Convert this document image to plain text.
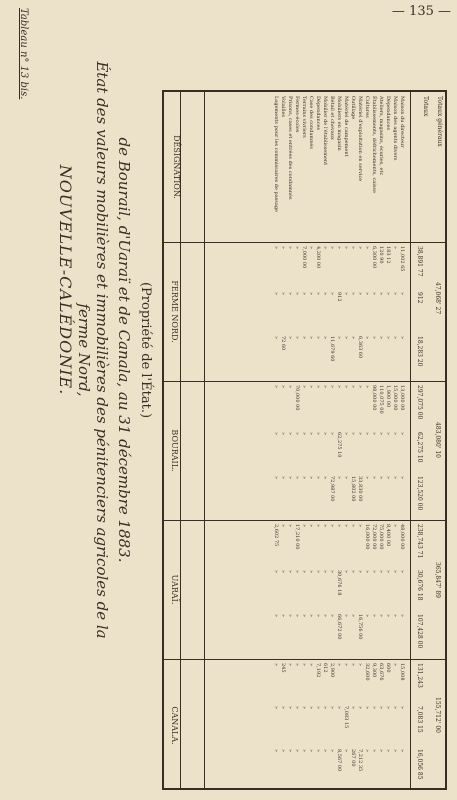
— 135 —
Tableau n° 13 bis.
NOUVELLE-CALÉDONIE.	État des valeurs mobilières et immobilières des pénitenciers agricoles de la ferme Nord,	de Bourail, d'Uaraï et de Canala, au 31 décembre 1883. (Propriété de l'État.)
DÉSIGNATION.
FERME NORD.
BOURAIL.
UARAÏ.
CANALA.
Maison du directeur
Maison des agents divers
Dépendances
Ateliers, magasins, écuries, etc
Établissements, défrichements, caisse
Cultures
Matériel d'exploitation en service
Outillage
Matériel de campement
Mobiliers en magasin
Bétail et chevaux
Mobilier de l'établissement
Dépendances
Case des condamnés
Terrains vivriers
Fermes-écoles
Prisons, cases et entrées des condamnés
Volailles
Logements pour les commissaires de passage
11,002 65
»
183 12
120 90
6,300 00
»
»
»
»
»
»
»
4,200 00
»
7,000 00
»
»
»
»
»
»
»
»
»
»
»
»
»
912
»
»
»
»
»
»
»
»
»
»
»
»
»
»
»
6,363 60
»
»
»
11,679 60
»
»
»
»
»
»
72 60
»
13,000 00
15,000 00
1,900 00
110,075 00
98,000 00
»
»
»
»
»
»
»
»
»
»
70,000 00
»
»
»
»
»
»
»
»
»
»
»
»
62,275 10
»
»
»
»
»
»
»
»
»
»
»
»
»
»
»
33,830 00
15,802 00
»
»
72,987 00
»
»
»
»
»
»
»
»
48,000 00
»
8,400 00
75,000 00
72,000 00
16,000 00
»
»
»
»
»
»
»
»
»
17,210 00
»
»
2,602 75
»
»
»
»
»
»
»
»
»
30,676 18
»
»
»
»
»
»
»
»
»
»
»
»
»
»
»
16,756 00
»
»
66,672 00
»
»
»
»
»
»
»
»
»
15,008
»
600
63,676
9,300
32,600
»
»
»
»
2,900
612
7,192
»
»
»
»
245
»
»
»
»
»
»
»
»
»
7,083 15
»
»
»
»
»
»
»
»
»
»
»
»
»
»
»
»
7,212 35
267 00
»
8,567 00
»
»
»
»
»
»
»
»
»
Totaux Totaux généraux
38,891 77
912
18,283 20
47,068' 27
297,075 00
62,275 10
123,520 00
483,080' 10
238,743 71
30,676 18
107,428 00
365,847' 89
131,243
7,083 15
16,056 85
155,712' 00
